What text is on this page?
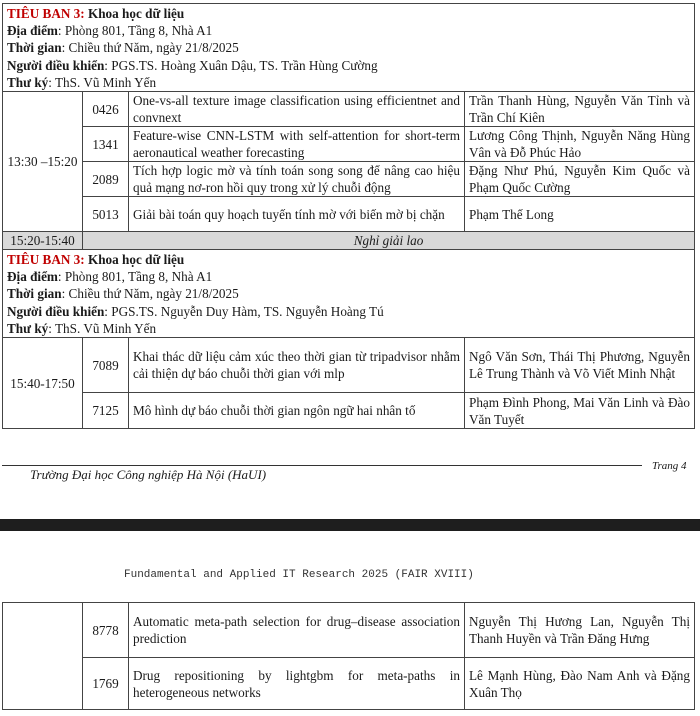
TIÊU BAN 3: Khoa học dữ liệu
Địa điểm: Phòng 801, Tầng 8, Nhà A1
Thời gian: Chiều thứ Năm, ngày 21/8/2025
Người điều khiển: PGS.TS. Hoàng Xuân Dậu, TS. Trần Hùng Cường
Thư ký: ThS. Vũ Minh Yến			

13:30 –15:20	0426	One-vs-all texture image classification using efficientnet and convnext	Trần Thanh Hùng, Nguyễn Văn Tỉnh và Trần Chí Kiên
	1341	Feature-wise CNN-LSTM with self-attention for short-term aeronautical weather forecasting	Lương Công Thịnh, Nguyễn Năng Hùng Vân và Đỗ Phúc Hảo
	2089	Tích hợp logic mờ và tính toán song song để nâng cao hiệu quả mạng nơ-ron hồi quy trong xử lý chuỗi động	Đặng Như Phú, Nguyễn Kim Quốc và Phạm Quốc Cường
	5013	Giải bài toán quy hoạch tuyến tính mờ với biến mờ bị chặn	Phạm Thế Long
15:20-15:40	Nghỉ giải lao		

TIÊU BAN 3: Khoa học dữ liệu
Địa điểm: Phòng 801, Tầng 8, Nhà A1
Thời gian: Chiều thứ Năm, ngày 21/8/2025
Người điều khiển: PGS.TS. Nguyễn Duy Hàm, TS. Nguyễn Hoàng Tú
Thư ký: ThS. Vũ Minh Yến			

15:40-17:50	7089	Khai thác dữ liệu cảm xúc theo thời gian từ tripadvisor nhằm cải thiện dự báo chuỗi thời gian với mlp	Ngô Văn Sơn, Thái Thị Phương, Nguyễn Lê Trung Thành và Võ Viết Minh Nhật
	7125	Mô hình dự báo chuỗi thời gian ngôn ngữ hai nhân tố	Phạm Đình Phong, Mai Văn Linh và Đào Văn Tuyết
Trường Đại học Công nghiệp Hà Nội (HaUI)
Trang 4
Fundamental and Applied IT Research 2025 (FAIR XVIII)
	8778	Automatic meta-path selection for drug–disease association prediction	Nguyễn Thị Hương Lan, Nguyễn Thị Thanh Huyền và Trần Đăng Hưng
	1769	Drug repositioning by lightgbm for meta-paths in heterogeneous networks	Lê Mạnh Hùng, Đào Nam Anh và Đặng Xuân Thọ
